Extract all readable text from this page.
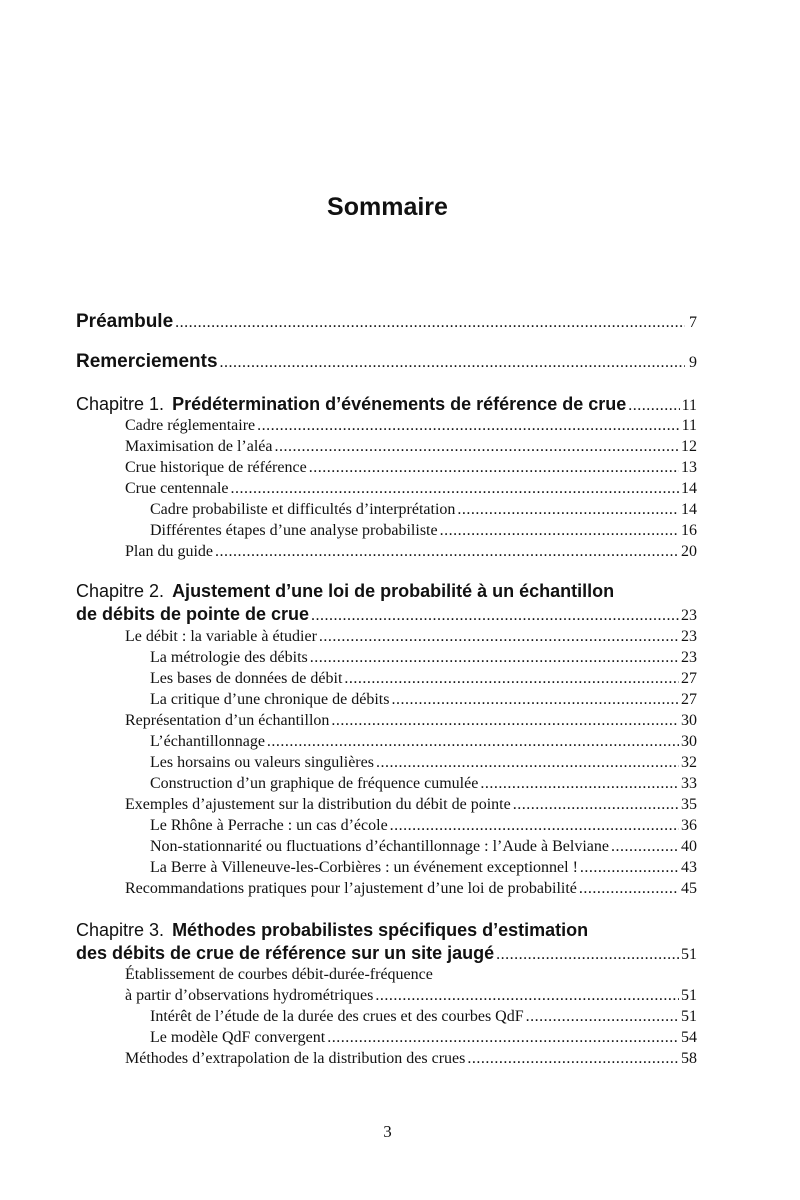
Sommaire
Préambule .....	7
Remerciements .....	9
Chapitre 1. Prédétermination d’événements de référence de crue .....	11
Cadre réglementaire .....	11
Maximisation de l’aléa .....	12
Crue historique de référence .....	13
Crue centennale .....	14
Cadre probabiliste et difficultés d’interprétation .....	14
Différentes étapes d’une analyse probabiliste .....	16
Plan du guide .....	20
Chapitre 2. Ajustement d’une loi de probabilité à un échantillon
de débits de pointe de crue .....	23
Le débit : la variable à étudier .....	23
La métrologie des débits .....	23
Les bases de données de débit .....	27
La critique d’une chronique de débits .....	27
Représentation d’un échantillon .....	30
L’échantillonnage .....	30
Les horsains ou valeurs singulières .....	32
Construction d’un graphique de fréquence cumulée .....	33
Exemples d’ajustement sur la distribution du débit de pointe .....	35
Le Rhône à Perrache : un cas d’école .....	36
Non-stationnarité ou fluctuations d’échantillonnage : l’Aude à Belviane .....	40
La Berre à Villeneuve-les-Corbières : un événement exceptionnel ! .....	43
Recommandations pratiques pour l’ajustement d’une loi de probabilité .....	45
Chapitre 3. Méthodes probabilistes spécifiques d’estimation
des débits de crue de référence sur un site jaugé .....	51
Établissement de courbes débit-durée-fréquence
à partir d’observations hydrométriques .....	51
Intérêt de l’étude de la durée des crues et des courbes QdF .....	51
Le modèle QdF convergent .....	54
Méthodes d’extrapolation de la distribution des crues .....	58
3
